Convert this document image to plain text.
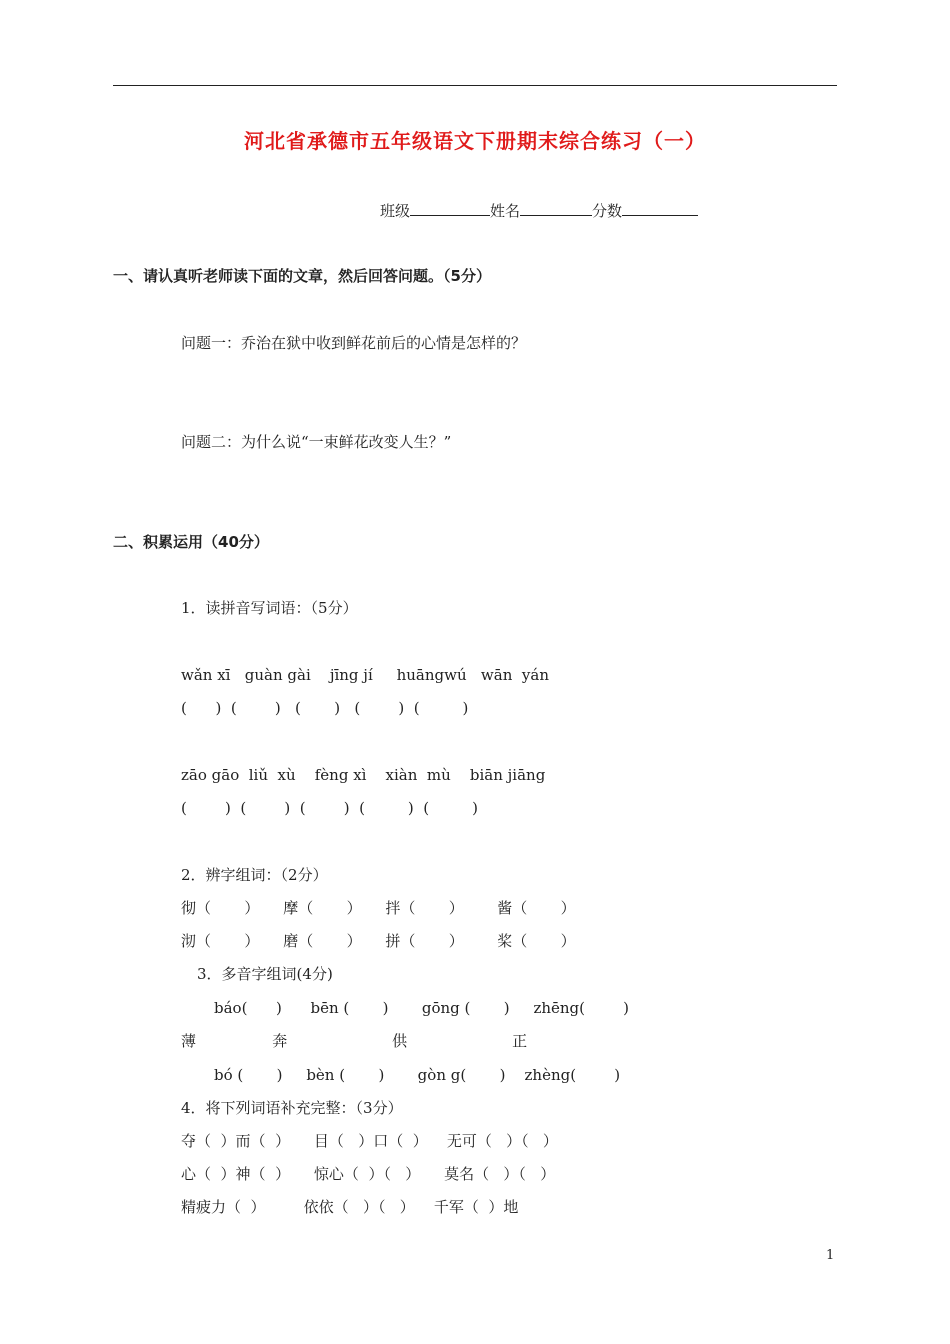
河北省承德市五年级语文下册期末综合练习（一）
班级	姓名	分数
一、请认真听老师读下面的文章，然后回答问题。（5分）
问题一：乔治在狱中收到鲜花前后的心情是怎样的？
问题二：为什么说“一束鲜花改变人生？”
二、积累运用（40分）
1．读拼音写词语：（5分）
wǎn xī   guàn gài    jīng jí     huāngwú   wān  yán
(      )  (        )   (       )   (        )  (         )
zāo gāo  liǔ  xù    fèng xì    xiàn  mù    biān jiāng
(        )  (        )  (        )  (         )  (         )
2．辨字组词：（2分）
彻（       ）     摩（       ）     拌（       ）       酱（       ）
沏（       ）     磨（       ）     拼（       ）       桨（       ）
3．多音字组词(4分)
báo(      )      bēn (       )       gōng (       )     zhēng(        )
薄                奔                      供                      正
bó (       )     bèn (       )       gòn g(       )    zhèng(        )
4．将下列词语补充完整：（3分）
夺（  ）而（  ）     目（   ）口（  ）    无可（   ）（   ）
心（  ）神（  ）     惊心（  ）（   ）     莫名（   ）（   ）
精疲力（  ）        依依（   ）（   ）    千军（  ）地
1
